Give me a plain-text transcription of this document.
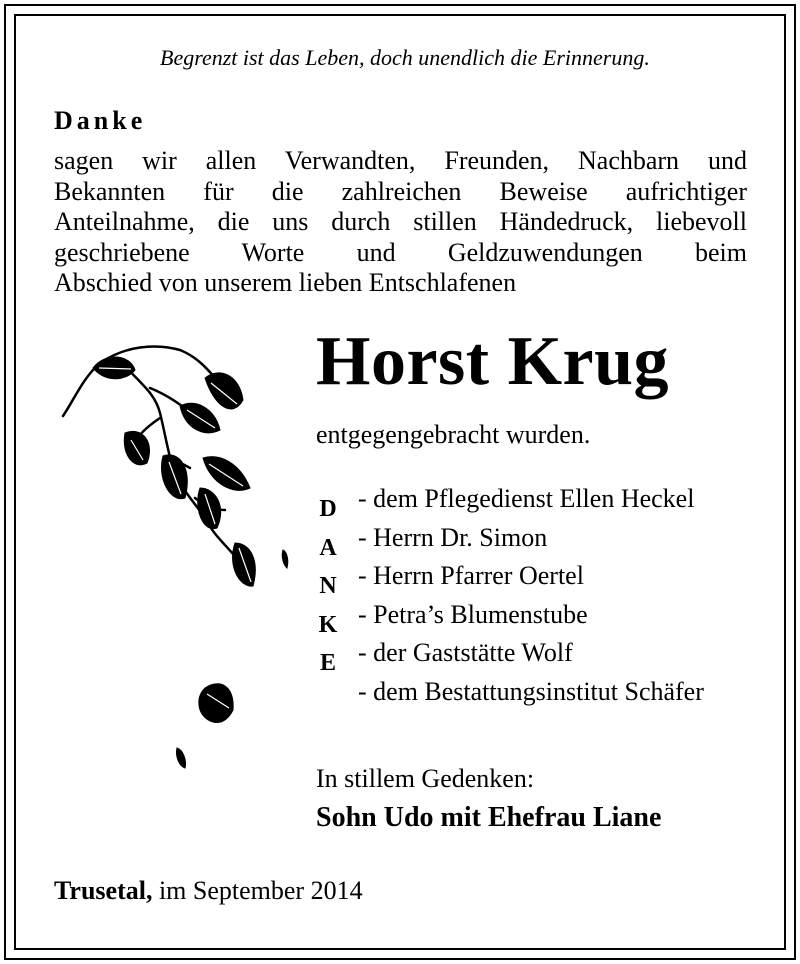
Begrenzt ist das Leben, doch unendlich die Erinnerung.
Danke
sagen wir allen Verwandten, Freunden, Nachbarn und
Bekannten für die zahlreichen Beweise aufrichtiger
Anteilnahme, die uns durch stillen Händedruck, liebevoll
geschriebene Worte und Geldzuwendungen beim
Abschied von unserem lieben Entschlafenen
Horst Krug
entgegengebracht wurden.
D
A
N
K
E
- dem Pflegedienst Ellen Heckel
- Herrn Dr. Simon
- Herrn Pfarrer Oertel
- Petra’s Blumenstube
- der Gaststätte Wolf
- dem Bestattungsinstitut Schäfer
In stillem Gedenken:
Sohn Udo mit Ehefrau Liane
Trusetal, im September 2014
